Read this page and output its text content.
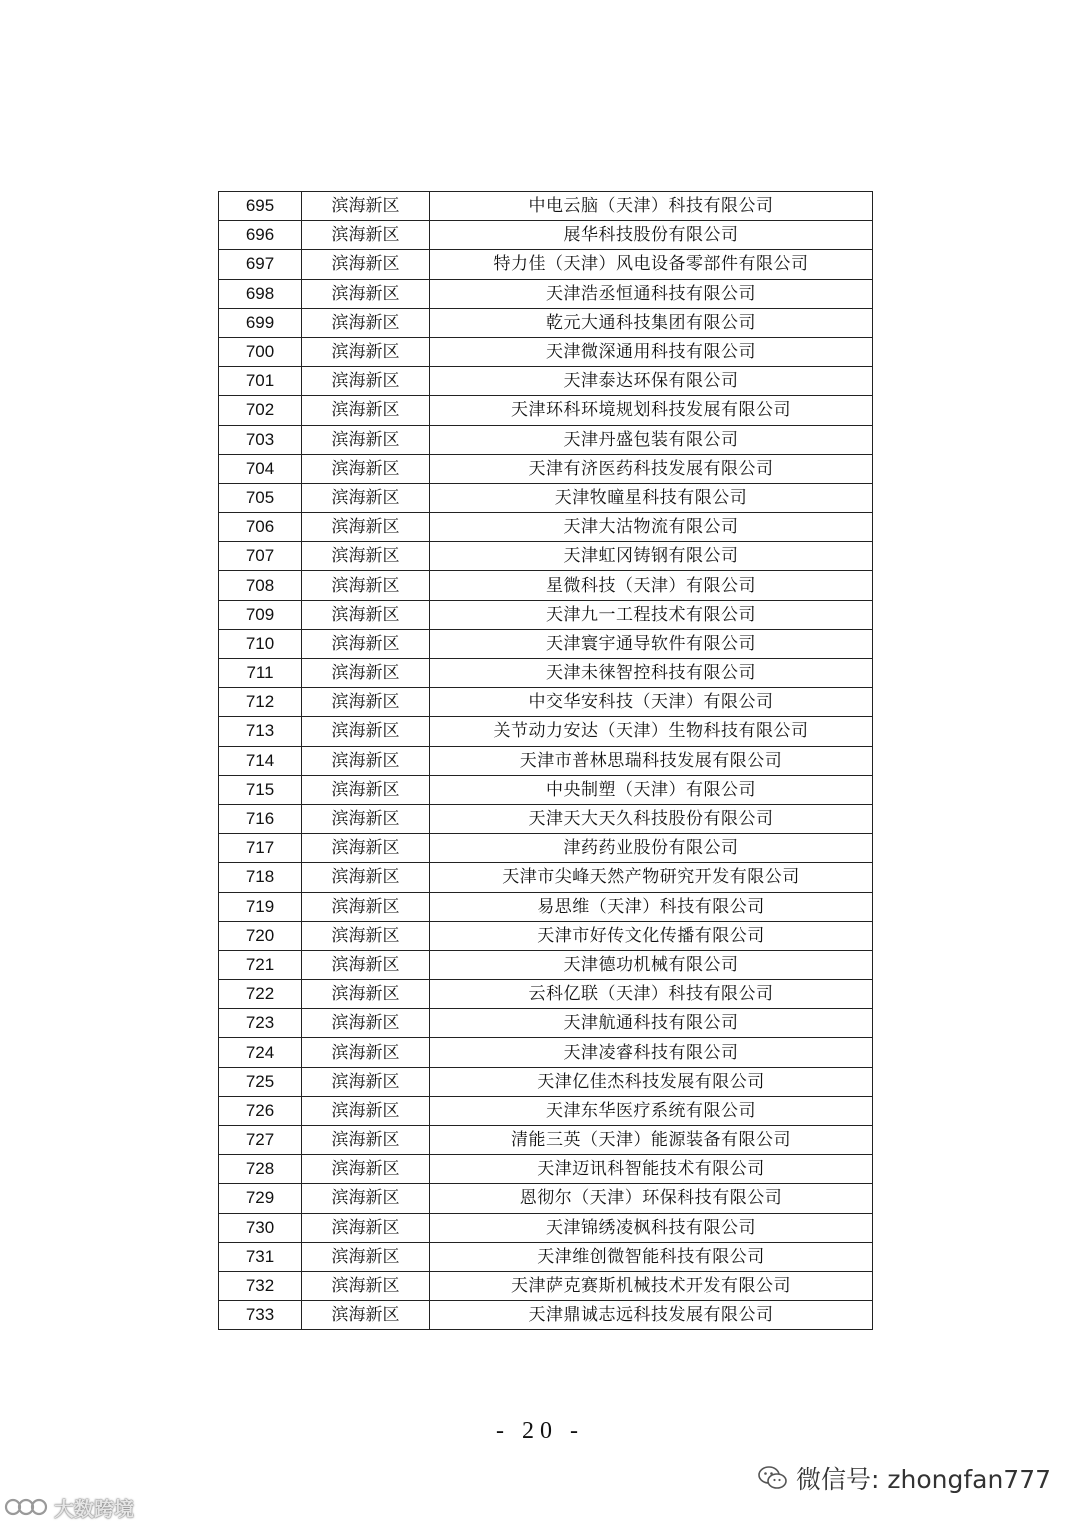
695	滨海新区	中电云脑（天津）科技有限公司
696	滨海新区	展华科技股份有限公司
697	滨海新区	特力佳（天津）风电设备零部件有限公司
698	滨海新区	天津浩丞恒通科技有限公司
699	滨海新区	乾元大通科技集团有限公司
700	滨海新区	天津微深通用科技有限公司
701	滨海新区	天津泰达环保有限公司
702	滨海新区	天津环科环境规划科技发展有限公司
703	滨海新区	天津丹盛包装有限公司
704	滨海新区	天津有济医药科技发展有限公司
705	滨海新区	天津牧曈星科技有限公司
706	滨海新区	天津大沽物流有限公司
707	滨海新区	天津虹冈铸钢有限公司
708	滨海新区	星微科技（天津）有限公司
709	滨海新区	天津九一工程技术有限公司
710	滨海新区	天津寰宇通导软件有限公司
711	滨海新区	天津未徕智控科技有限公司
712	滨海新区	中交华安科技（天津）有限公司
713	滨海新区	关节动力安达（天津）生物科技有限公司
714	滨海新区	天津市普林思瑞科技发展有限公司
715	滨海新区	中央制塑（天津）有限公司
716	滨海新区	天津天大天久科技股份有限公司
717	滨海新区	津药药业股份有限公司
718	滨海新区	天津市尖峰天然产物研究开发有限公司
719	滨海新区	易思维（天津）科技有限公司
720	滨海新区	天津市好传文化传播有限公司
721	滨海新区	天津德功机械有限公司
722	滨海新区	云科亿联（天津）科技有限公司
723	滨海新区	天津航通科技有限公司
724	滨海新区	天津凌睿科技有限公司
725	滨海新区	天津亿佳杰科技发展有限公司
726	滨海新区	天津东华医疗系统有限公司
727	滨海新区	清能三英（天津）能源装备有限公司
728	滨海新区	天津迈讯科智能技术有限公司
729	滨海新区	恩彻尔（天津）环保科技有限公司
730	滨海新区	天津锦绣凌枫科技有限公司
731	滨海新区	天津维创微智能科技有限公司
732	滨海新区	天津萨克赛斯机械技术开发有限公司
733	滨海新区	天津鼎诚志远科技发展有限公司
- 20 -
微信号: zhongfan777
大数跨境
